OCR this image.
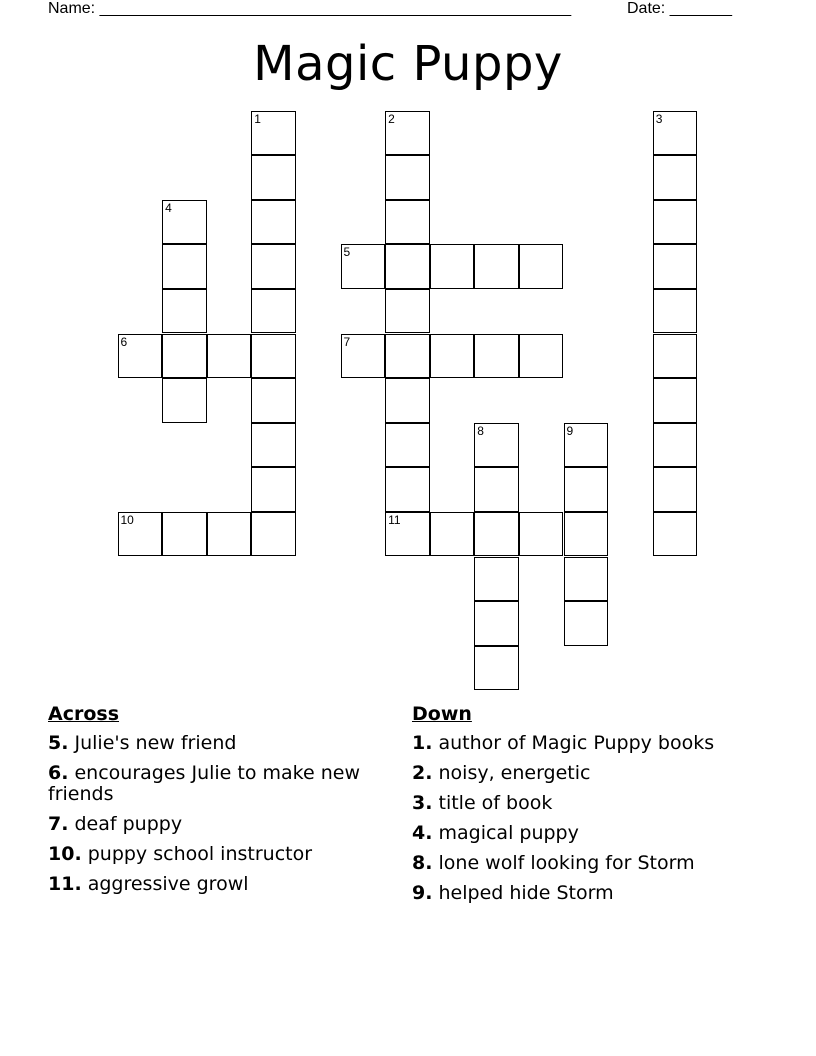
Name: _____________________________________________________	Date: _______
Magic Puppy
1	2
11
3
4
5
6	7
8	9
10
Across
5. Julie's new friend
6. encourages Julie to make new friends
7. deaf puppy
10. puppy school instructor
11. aggressive growl
Down
1. author of Magic Puppy books
2. noisy, energetic
3. title of book
4. magical puppy
8. lone wolf looking for Storm
9. helped hide Storm
